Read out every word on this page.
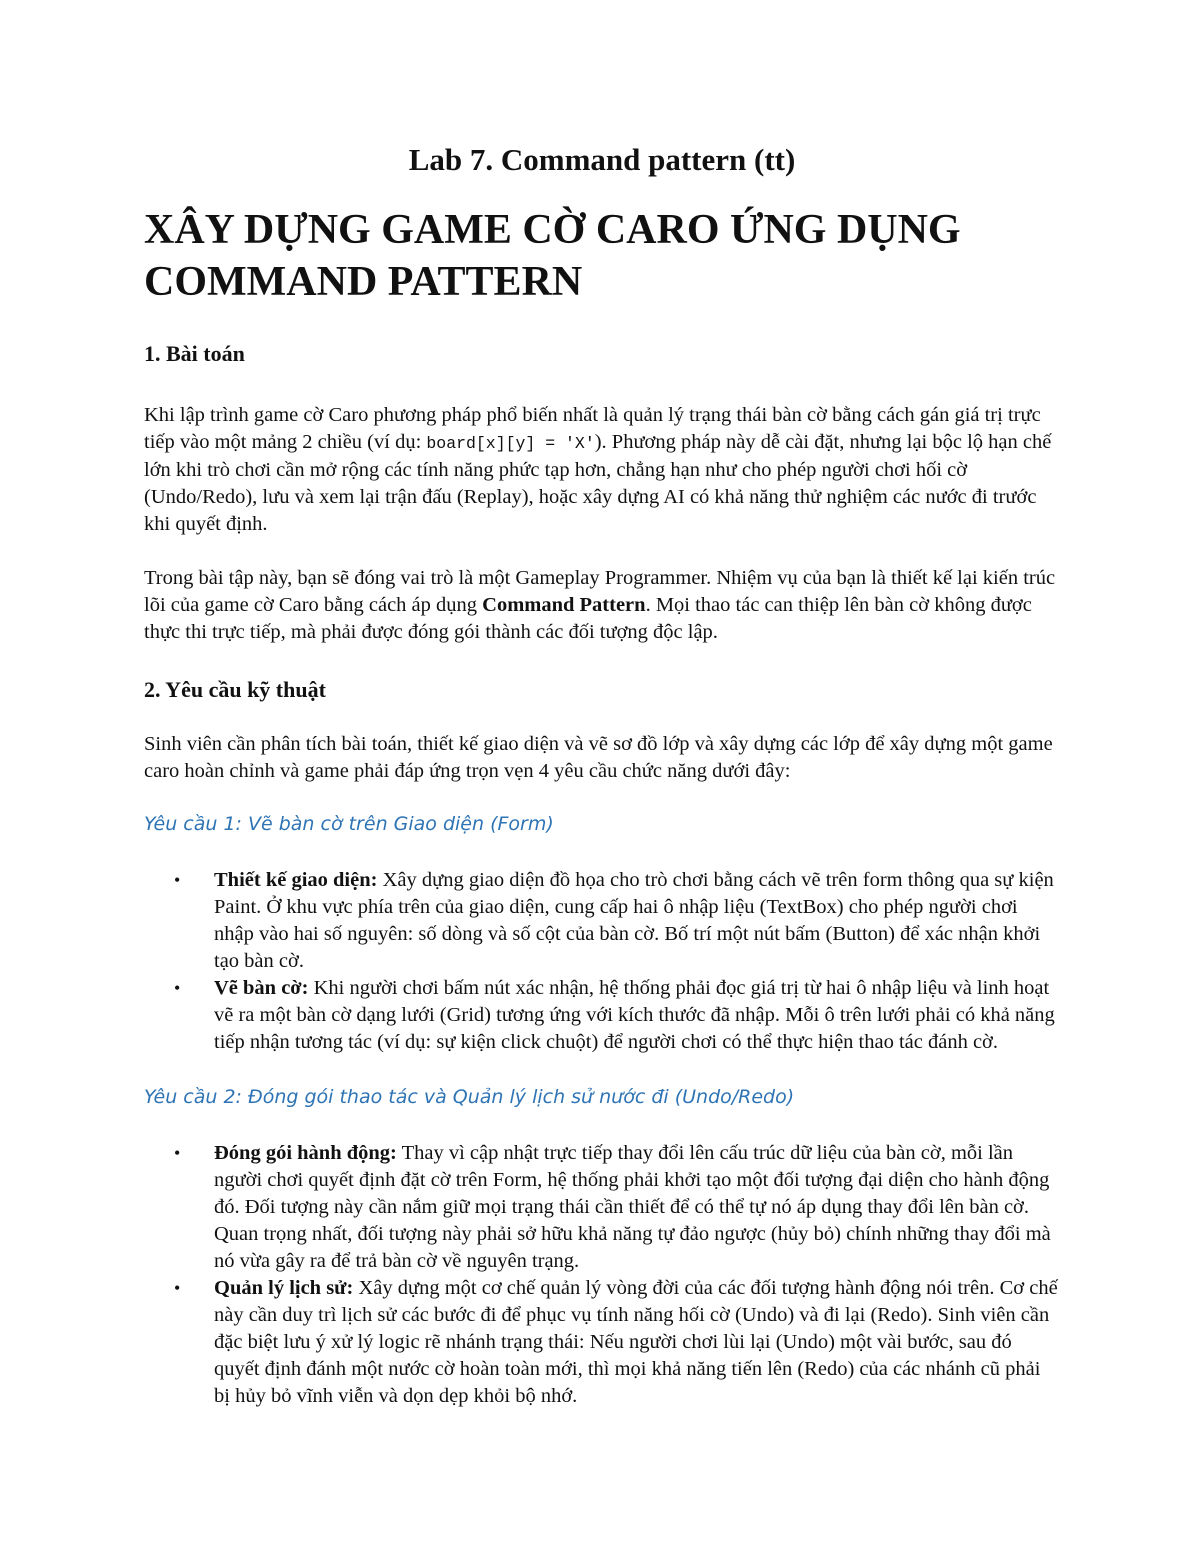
Lab 7. Command pattern (tt)
XÂY DỰNG GAME CỜ CARO ỨNG DỤNG
COMMAND PATTERN
1. Bài toán

Khi lập trình game cờ Caro phương pháp phổ biến nhất là quản lý trạng thái bàn cờ bằng cách gán giá trị trực tiếp vào một mảng 2 chiều (ví dụ: board[x][y] = 'X'). Phương pháp này dễ cài đặt, nhưng lại bộc lộ hạn chế lớn khi trò chơi cần mở rộng các tính năng phức tạp hơn, chẳng hạn như cho phép người chơi hối cờ (Undo/Redo), lưu và xem lại trận đấu (Replay), hoặc xây dựng AI có khả năng thử nghiệm các nước đi trước khi quyết định.

Trong bài tập này, bạn sẽ đóng vai trò là một Gameplay Programmer. Nhiệm vụ của bạn là thiết kế lại kiến trúc lõi của game cờ Caro bằng cách áp dụng Command Pattern. Mọi thao tác can thiệp lên bàn cờ không được thực thi trực tiếp, mà phải được đóng gói thành các đối tượng độc lập.

2. Yêu cầu kỹ thuật

Sinh viên cần phân tích bài toán, thiết kế giao diện và vẽ sơ đồ lớp và xây dựng các lớp để xây dựng một game caro hoàn chỉnh và game phải đáp ứng trọn vẹn 4 yêu cầu chức năng dưới đây:

Yêu cầu 1: Vẽ bàn cờ trên Giao diện (Form)
• Thiết kế giao diện: Xây dựng giao diện đồ họa cho trò chơi bằng cách vẽ trên form thông qua sự kiện Paint. Ở khu vực phía trên của giao diện, cung cấp hai ô nhập liệu (TextBox) cho phép người chơi nhập vào hai số nguyên: số dòng và số cột của bàn cờ. Bố trí một nút bấm (Button) để xác nhận khởi tạo bàn cờ.
• Vẽ bàn cờ: Khi người chơi bấm nút xác nhận, hệ thống phải đọc giá trị từ hai ô nhập liệu và linh hoạt vẽ ra một bàn cờ dạng lưới (Grid) tương ứng với kích thước đã nhập. Mỗi ô trên lưới phải có khả năng tiếp nhận tương tác (ví dụ: sự kiện click chuột) để người chơi có thể thực hiện thao tác đánh cờ.
Yêu cầu 2: Đóng gói thao tác và Quản lý lịch sử nước đi (Undo/Redo)
• Đóng gói hành động: Thay vì cập nhật trực tiếp thay đổi lên cấu trúc dữ liệu của bàn cờ, mỗi lần người chơi quyết định đặt cờ trên Form, hệ thống phải khởi tạo một đối tượng đại diện cho hành động đó. Đối tượng này cần nắm giữ mọi trạng thái cần thiết để có thể tự nó áp dụng thay đổi lên bàn cờ. Quan trọng nhất, đối tượng này phải sở hữu khả năng tự đảo ngược (hủy bỏ) chính những thay đổi mà nó vừa gây ra để trả bàn cờ về nguyên trạng.
• Quản lý lịch sử: Xây dựng một cơ chế quản lý vòng đời của các đối tượng hành động nói trên. Cơ chế này cần duy trì lịch sử các bước đi để phục vụ tính năng hối cờ (Undo) và đi lại (Redo). Sinh viên cần đặc biệt lưu ý xử lý logic rẽ nhánh trạng thái: Nếu người chơi lùi lại (Undo) một vài bước, sau đó quyết định đánh một nước cờ hoàn toàn mới, thì mọi khả năng tiến lên (Redo) của các nhánh cũ phải bị hủy bỏ vĩnh viễn và dọn dẹp khỏi bộ nhớ.
